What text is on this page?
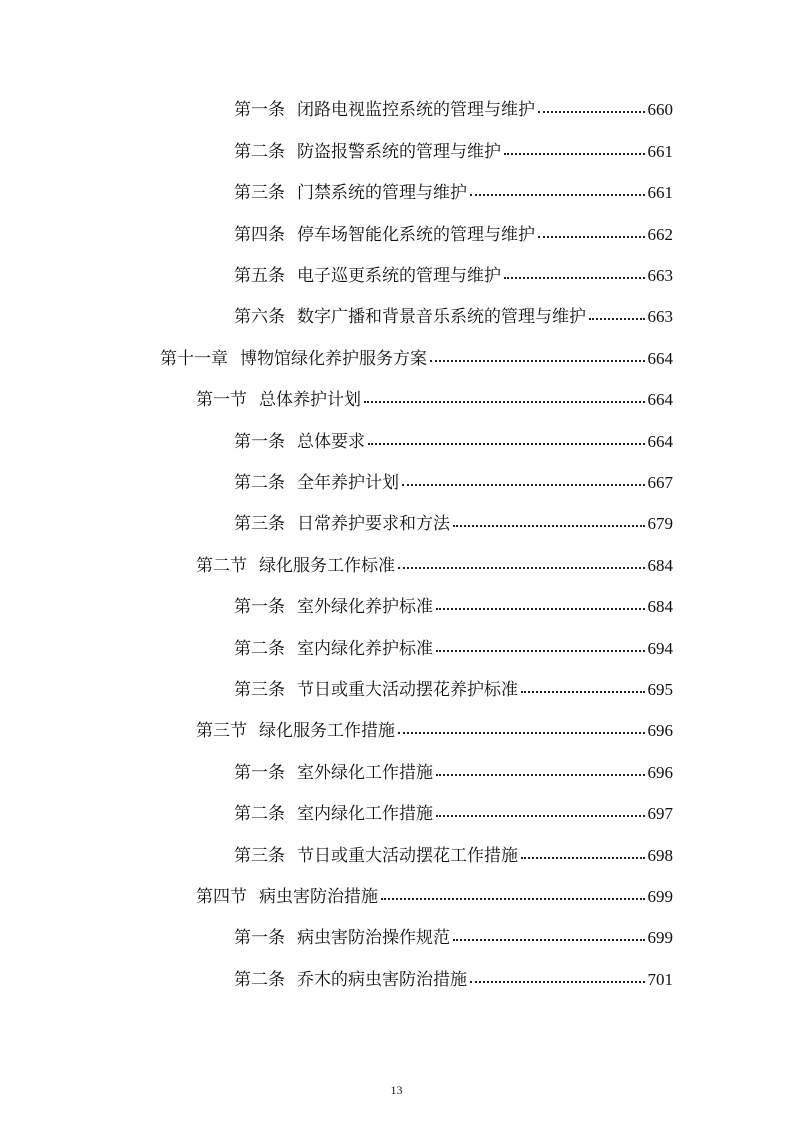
第一条 闭路电视监控系统的管理与维护	660
第二条 防盗报警系统的管理与维护	661
第三条 门禁系统的管理与维护	661
第四条 停车场智能化系统的管理与维护	662
第五条 电子巡更系统的管理与维护	663
第六条 数字广播和背景音乐系统的管理与维护	663
第十一章 博物馆绿化养护服务方案	664
第一节 总体养护计划	664
第一条 总体要求	664
第二条 全年养护计划	667
第三条 日常养护要求和方法	679
第二节 绿化服务工作标准	684
第一条 室外绿化养护标准	684
第二条 室内绿化养护标准	694
第三条 节日或重大活动摆花养护标准	695
第三节 绿化服务工作措施	696
第一条 室外绿化工作措施	696
第二条 室内绿化工作措施	697
第三条 节日或重大活动摆花工作措施	698
第四节 病虫害防治措施	699
第一条 病虫害防治操作规范	699
第二条 乔木的病虫害防治措施	701
13
